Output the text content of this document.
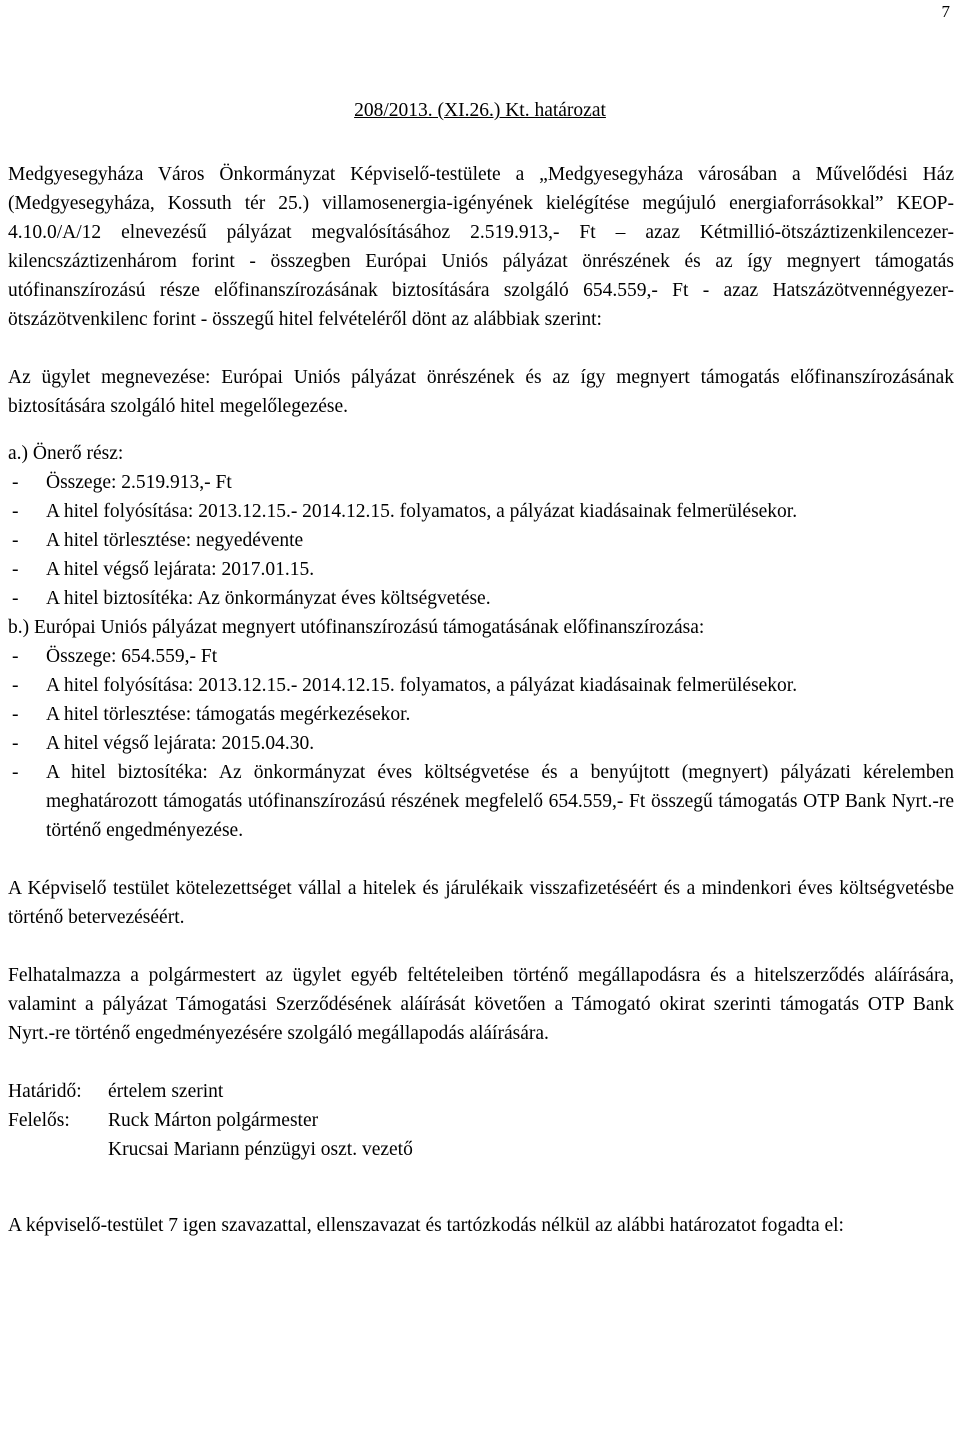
7
208/2013. (XI.26.) Kt. határozat

Medgyesegyháza Város Önkormányzat Képviselő-testülete a „Medgyesegyháza városában a Művelődési Ház (Medgyesegyháza, Kossuth tér 25.) villamosenergia-igényének kielégítése megújuló energiaforrásokkal” KEOP-4.10.0/A/12 elnevezésű pályázat megvalósításához 2.519.913,- Ft – azaz Kétmillió-ötszáztizenkilencezer-kilencszáztizenhárom forint - összegben Európai Uniós pályázat önrészének és az így megnyert támogatás utófinanszírozású része előfinanszírozásának biztosítására szolgáló 654.559,- Ft - azaz Hatszázötvennégyezer-ötszázötvenkilenc forint - összegű hitel felvételéről dönt az alábbiak szerint:

Az ügylet megnevezése: Európai Uniós pályázat önrészének és az így megnyert támogatás előfinanszírozásának biztosítására szolgáló hitel megelőlegezése.

a.) Önerő rész:

- Összege: 2.519.913,- Ft
- A hitel folyósítása: 2013.12.15.- 2014.12.15. folyamatos, a pályázat kiadásainak felmerülésekor.
- A hitel törlesztése: negyedévente
- A hitel végső lejárata: 2017.01.15.
- A hitel biztosítéka: Az önkormányzat éves költségvetése.

b.) Európai Uniós pályázat megnyert utófinanszírozású támogatásának előfinanszírozása:

- Összege: 654.559,- Ft
- A hitel folyósítása: 2013.12.15.- 2014.12.15. folyamatos, a pályázat kiadásainak felmerülésekor.
- A hitel törlesztése: támogatás megérkezésekor.
- A hitel végső lejárata: 2015.04.30.
- A hitel biztosítéka: Az önkormányzat éves költségvetése és a benyújtott (megnyert) pályázati kérelemben meghatározott támogatás utófinanszírozású részének megfelelő 654.559,- Ft összegű támogatás OTP Bank Nyrt.-re történő engedményezése.

A Képviselő testület kötelezettséget vállal a hitelek és járulékaik visszafizetéséért és a mindenkori éves költségvetésbe történő betervezéséért.

Felhatalmazza a polgármestert az ügylet egyéb feltételeiben történő megállapodásra és a hitelszerződés aláírására, valamint a pályázat Támogatási Szerződésének aláírását követően a Támogató okirat szerinti támogatás OTP Bank Nyrt.-re történő engedményezésére szolgáló megállapodás aláírására.

Határidő:	értelem szerint
Felelős:	Ruck Márton polgármester
Krucsai Mariann pénzügyi oszt. vezető

A képviselő-testület 7 igen szavazattal, ellenszavazat és tartózkodás nélkül az alábbi határozatot fogadta el:
